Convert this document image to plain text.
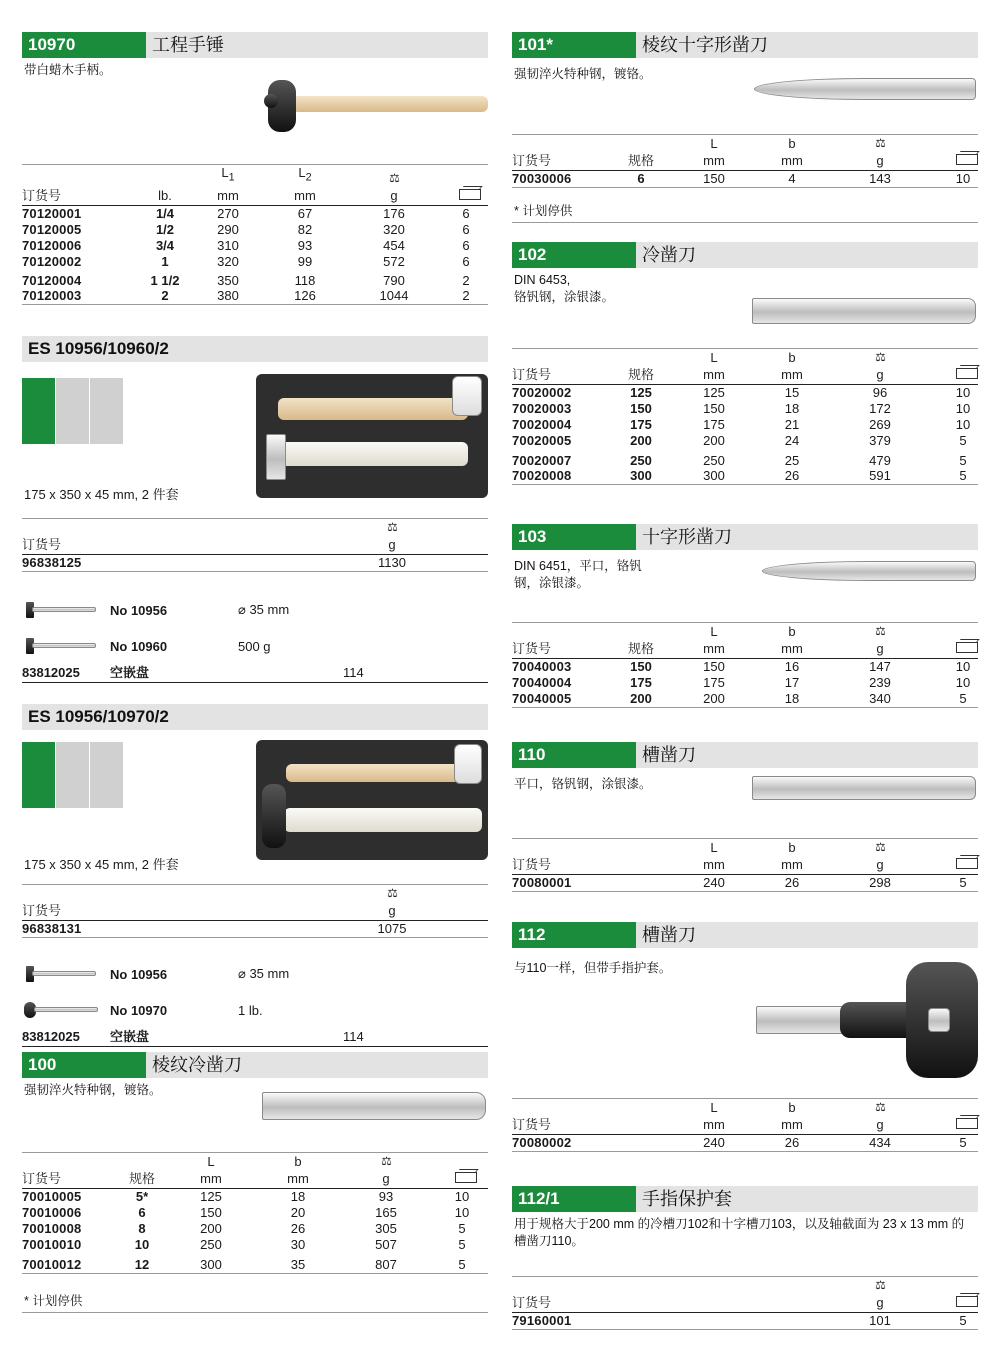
10970	工程手锤
带白蜡木手柄。
		$L_1$	$L_2$	⚖	
订货号	lb.	mm	mm	g	
70120001	1/4	270	67	176	6
70120005	1/2	290	82	320	6
70120006	3/4	310	93	454	6
70120002	1	320	99	572	6
70120004	1 1/2	350	118	790	2
70120003	2	380	126	1044	2
ES 10956/10960/2
175 x 350 x 45 mm, 2 件套
	⚖	
订货号	g	
96838125	1130	
No 10956	⌀ 35 mm
No 10960	500 g
83812025	空嵌盘	114
ES 10956/10970/2
175 x 350 x 45 mm, 2 件套
	⚖	
订货号	g	
96838131	1075	
No 10956	⌀ 35 mm
No 10970	1 lb.
83812025	空嵌盘	114
100	棱纹冷凿刀
强韧淬火特种钢，镀铬。
		L	b	⚖	
订货号	规格	mm	mm	g	
70010005	5*	125	18	93	10
70010006	6	150	20	165	10
70010008	8	200	26	305	5
70010010	10	250	30	507	5
70010012	12	300	35	807	5
* 计划停供
101*	棱纹十字形凿刀
强韧淬火特种钢，镀铬。
		L	b	⚖	
订货号	规格	mm	mm	g	
70030006	6	150	4	143	10
* 计划停供
102	冷凿刀
DIN 6453,
铬钒钢，涂银漆。
		L	b	⚖	
订货号	规格	mm	mm	g	
70020002	125	125	15	96	10
70020003	150	150	18	172	10
70020004	175	175	21	269	10
70020005	200	200	24	379	5
70020007	250	250	25	479	5
70020008	300	300	26	591	5
103	十字形凿刀
DIN 6451，平口，铬钒
钢，涂银漆。
		L	b	⚖	
订货号	规格	mm	mm	g	
70040003	150	150	16	147	10
70040004	175	175	17	239	10
70040005	200	200	18	340	5
110	槽凿刀
平口，铬钒钢，涂银漆。
	L	b	⚖	
订货号	mm	mm	g	
70080001	240	26	298	5
112	槽凿刀
与110一样，但带手指护套。
	L	b	⚖	
订货号	mm	mm	g	
70080002	240	26	434	5
112/1	手指保护套
用于规格大于200 mm 的冷槽刀102和十字槽刀103，以及轴截面为 23 x 13 mm 的槽凿刀110。
	⚖	
订货号	g	
79160001	101	5
